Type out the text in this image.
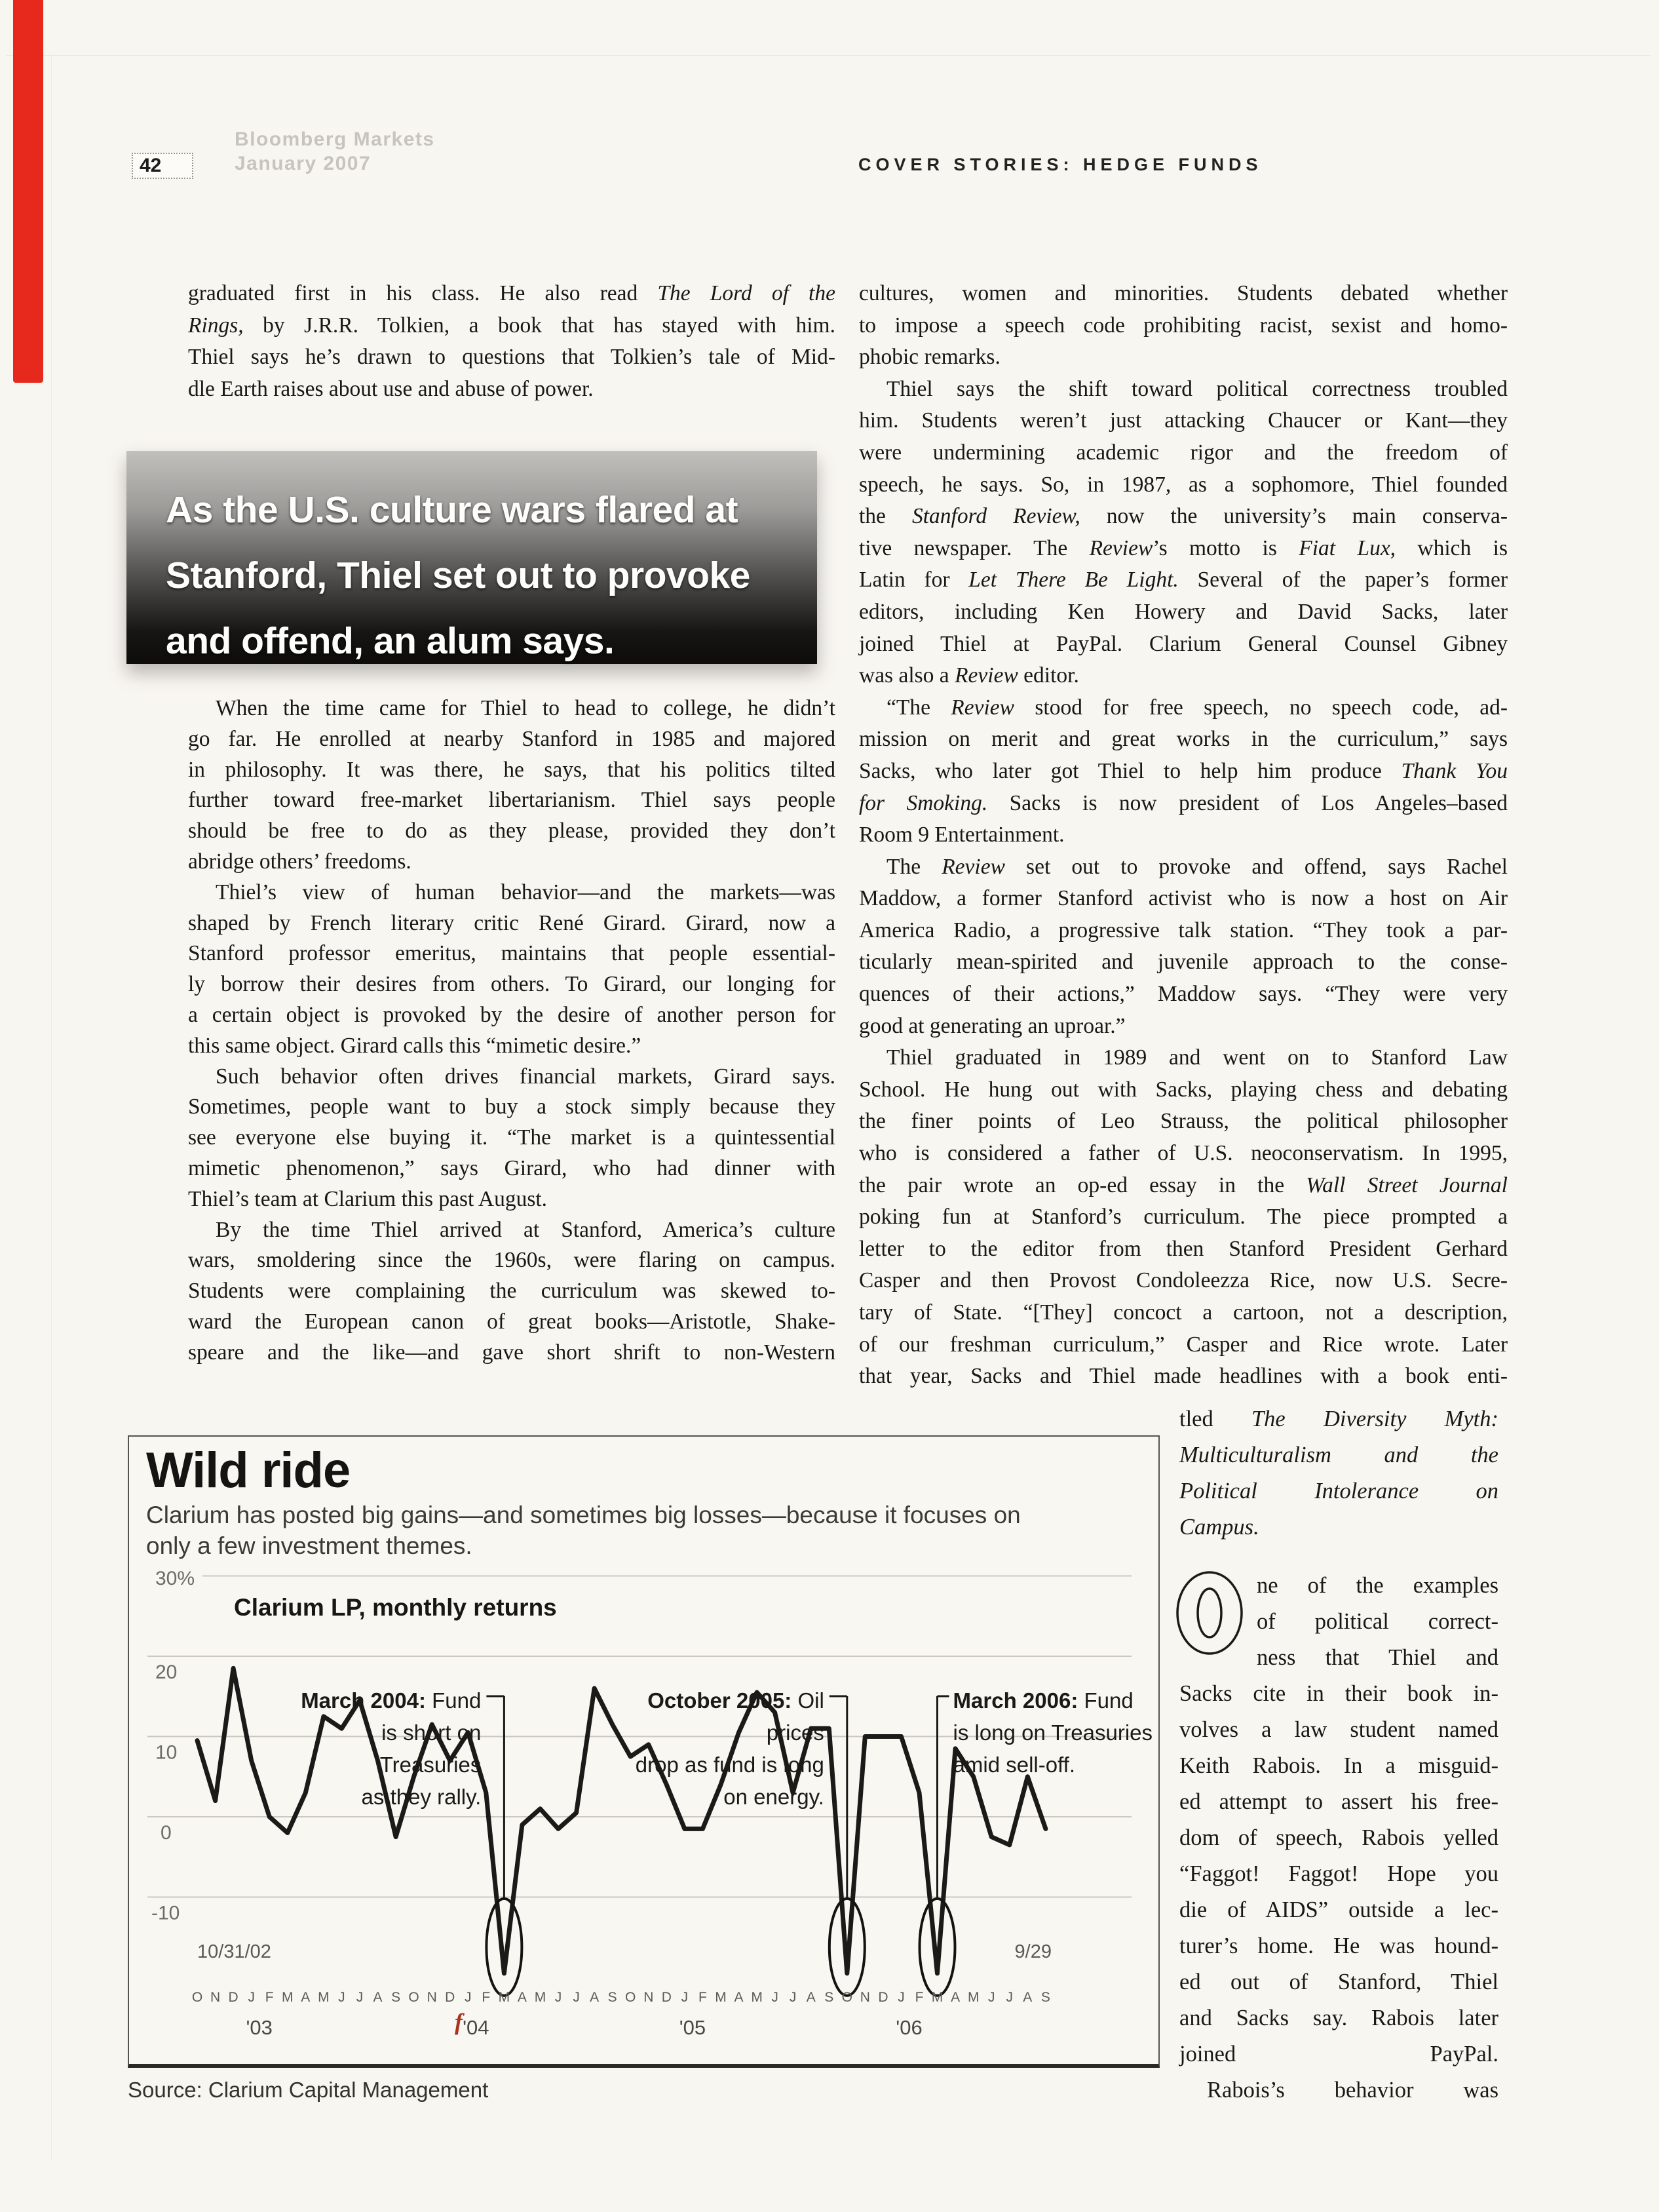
42
Bloomberg Markets
January 2007	COVER STORIES: HEDGE FUNDS
graduated first in his class. He also read The Lord of the
Rings, by J.R.R. Tolkien, a book that has stayed with him.
Thiel says he’s drawn to questions that Tolkien’s tale of Mid-
dle Earth raises about use and abuse of power.
As the U.S. culture wars flared at
Stanford, Thiel set out to provoke
and offend, an alum says.
When the time came for Thiel to head to college, he didn’t
go far. He enrolled at nearby Stanford in 1985 and majored
in philosophy. It was there, he says, that his politics tilted
further toward free-market libertarianism. Thiel says people
should be free to do as they please, provided they don’t
abridge others’ freedoms.
Thiel’s view of human behavior—and the markets—was
shaped by French literary critic René Girard. Girard, now a
Stanford professor emeritus, maintains that people essential-
ly borrow their desires from others. To Girard, our longing for
a certain object is provoked by the desire of another person for
this same object. Girard calls this “mimetic desire.”
Such behavior often drives financial markets, Girard says.
Sometimes, people want to buy a stock simply because they
see everyone else buying it. “The market is a quintessential
mimetic phenomenon,” says Girard, who had dinner with
Thiel’s team at Clarium this past August.
By the time Thiel arrived at Stanford, America’s culture
wars, smoldering since the 1960s, were flaring on campus.
Students were complaining the curriculum was skewed to-
ward the European canon of great books—Aristotle, Shake-
speare and the like—and gave short shrift to non-Western
cultures, women and minorities. Students debated whether
to impose a speech code prohibiting racist, sexist and homo-
phobic remarks.
Thiel says the shift toward political correctness troubled
him. Students weren’t just attacking Chaucer or Kant—they
were undermining academic rigor and the freedom of
speech, he says. So, in 1987, as a sophomore, Thiel founded
the Stanford Review, now the university’s main conserva-
tive newspaper. The Review’s motto is Fiat Lux, which is
Latin for Let There Be Light. Several of the paper’s former
editors, including Ken Howery and David Sacks, later
joined Thiel at PayPal. Clarium General Counsel Gibney
was also a Review editor.
“The Review stood for free speech, no speech code, ad-
mission on merit and great works in the curriculum,” says
Sacks, who later got Thiel to help him produce Thank You
for Smoking. Sacks is now president of Los Angeles–based
Room 9 Entertainment.
The Review set out to provoke and offend, says Rachel
Maddow, a former Stanford activist who is now a host on Air
America Radio, a progressive talk station. “They took a par-
ticularly mean-spirited and juvenile approach to the conse-
quences of their actions,” Maddow says. “They were very
good at generating an uproar.”
Thiel graduated in 1989 and went on to Stanford Law
School. He hung out with Sacks, playing chess and debating
the finer points of Leo Strauss, the political philosopher
who is considered a father of U.S. neoconservatism. In 1995,
the pair wrote an op-ed essay in the Wall Street Journal
poking fun at Stanford’s curriculum. The piece prompted a
letter to the editor from then Stanford President Gerhard
Casper and then Provost Condoleezza Rice, now U.S. Secre-
tary of State. “[They] concoct a cartoon, not a description,
of our freshman curriculum,” Casper and Rice wrote. Later
that year, Sacks and Thiel made headlines with a book enti-
tled The Diversity Myth:
Multiculturalism and the
Political Intolerance on
Campus.
ne of the examples
of political correct-
ness that Thiel and
Sacks cite in their book in-
volves a law student named
Keith Rabois. In a misguid-
ed attempt to assert his free-
dom of speech, Rabois yelled
“Faggot! Faggot! Hope you
die of AIDS” outside a lec-
turer’s home. He was hound-
ed out of Stanford, Thiel
and Sacks say. Rabois later
joined PayPal.
Rabois’s behavior was
20
10
0
-10
10/31/02	9/29
O N D J F M A M J J A S O N D J F M A M J J A S O N D J F M A M J J A S O N D J F M A M J J A S
'03	'04	'05	'06
f
Wild ride
Clarium has posted big gains—and sometimes big losses—because it focuses on
only a few investment themes.
30%
Clarium LP, monthly returns
March 2004: Fund
is short on Treasuries
as they rally.
October 2005: Oil prices
drop as fund is long
on energy.
March 2006: Fund
is long on Treasuries
amid sell-off.
Source: Clarium Capital Management
